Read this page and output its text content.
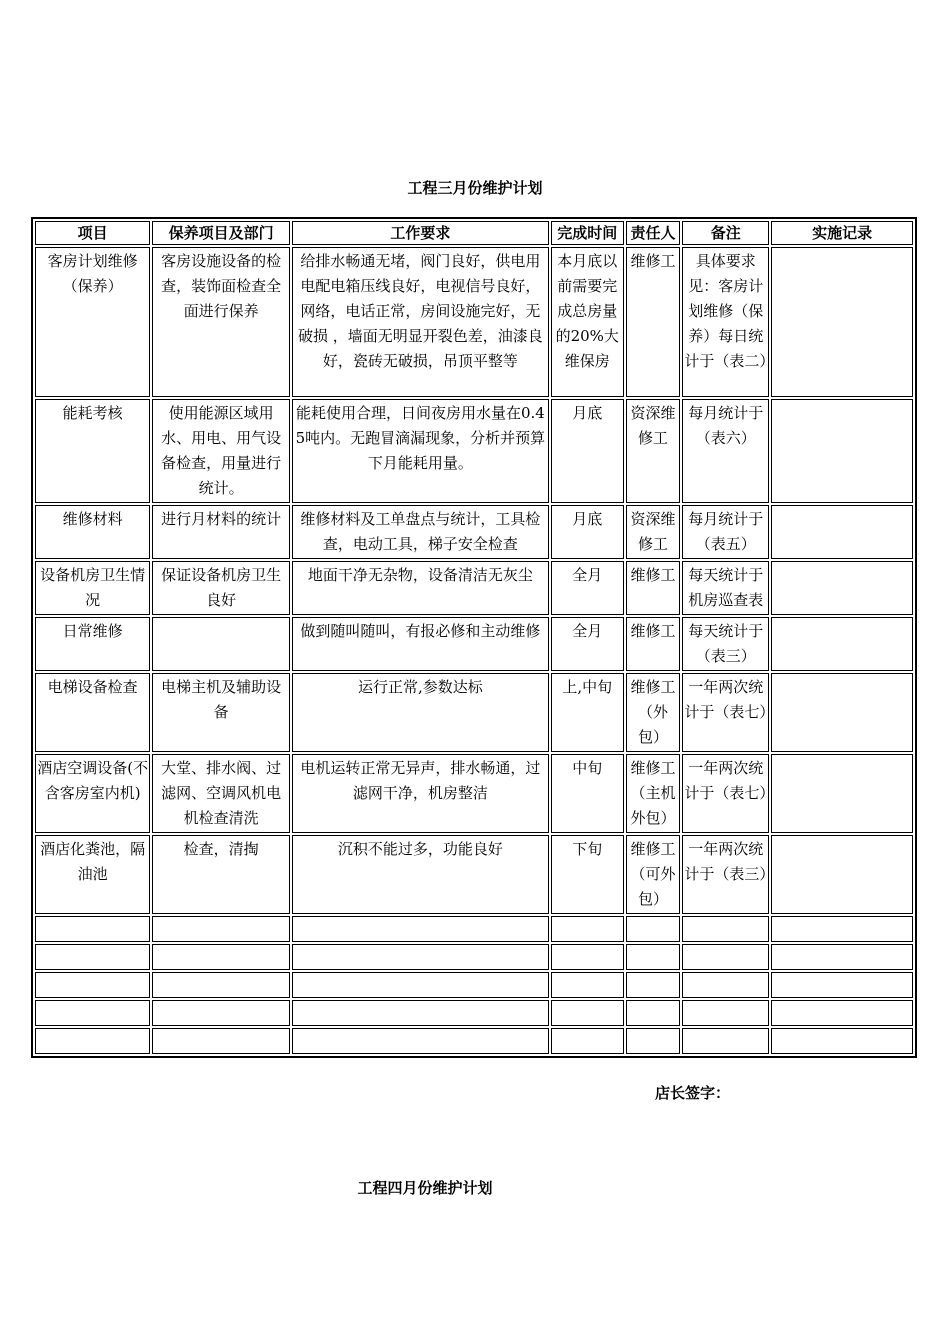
工程三月份维护计划
项目	保养项目及部门	工作要求	完成时间	责任人	备注	实施记录
客房计划维修（保养）	客房设施设备的检查，装饰面检查全面进行保养	给排水畅通无堵，阀门良好，供电用电配电箱压线良好，电视信号良好，网络，电话正常，房间设施完好，无破损 ，墙面无明显开裂色差，油漆良好，瓷砖无破损，吊顶平整等	本月底以前需要完成总房量的20%大维保房	维修工	具体要求见：客房计划维修（保养）每日统计于（表二）	
能耗考核	使用能源区域用水、用电、用气设备检查，用量进行统计。	能耗使用合理，日间夜房用水量在0.45吨内。无跑冒滴漏现象，分析并预算下月能耗用量。	月底	资深维修工	每月统计于（表六）	
维修材料	进行月材料的统计	维修材料及工单盘点与统计，工具检查，电动工具，梯子安全检查	月底	资深维修工	每月统计于（表五）	
设备机房卫生情况	保证设备机房卫生良好	地面干净无杂物，设备清洁无灰尘	全月	维修工	每天统计于机房巡查表	
日常维修		做到随叫随叫，有报必修和主动维修	全月	维修工	每天统计于（表三）	
电梯设备检查	电梯主机及辅助设备	运行正常,参数达标	上,中旬	维修工（外包）	一年两次统计于（表七）	
酒店空调设备(不含客房室内机)	大堂、排水阀、过滤网、空调风机电机检查清洗	电机运转正常无异声，排水畅通，过滤网干净，机房整洁	中旬	维修工（主机外包）	一年两次统计于（表七）	
酒店化粪池，隔油池	检查，清掏	沉积不能过多，功能良好	下旬	维修工（可外包）	一年两次统计于（表三）	

店长签字：
工程四月份维护计划
